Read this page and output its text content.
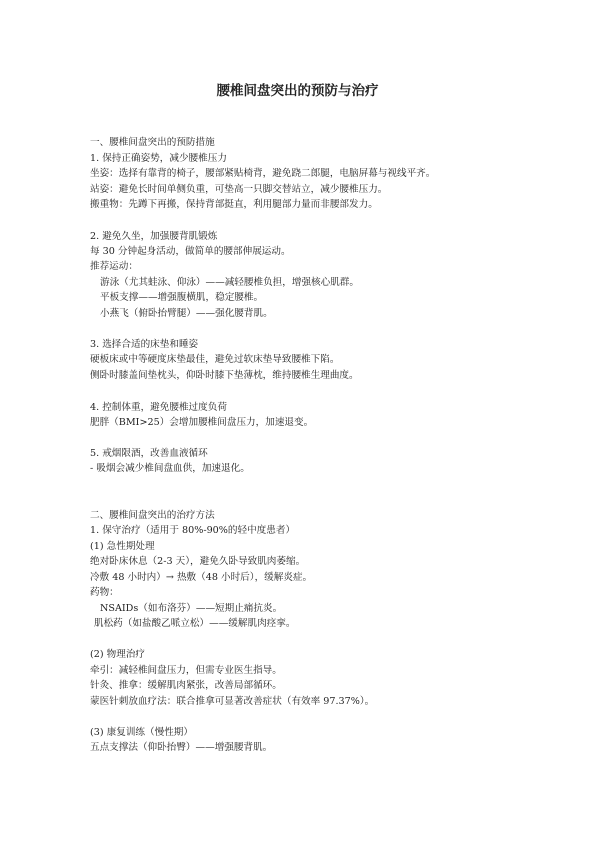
腰椎间盘突出的预防与治疗
一、腰椎间盘突出的预防措施
1. 保持正确姿势，减少腰椎压力
坐姿：选择有靠背的椅子，腰部紧贴椅背，避免跷二郎腿，电脑屏幕与视线平齐。
站姿：避免长时间单侧负重，可垫高一只脚交替站立，减少腰椎压力。
搬重物：先蹲下再搬，保持背部挺直，利用腿部力量而非腰部发力。
2. 避免久坐，加强腰背肌锻炼
每 30 分钟起身活动，做简单的腰部伸展运动。
推荐运动：
游泳（尤其蛙泳、仰泳）——减轻腰椎负担，增强核心肌群。
平板支撑——增强腹横肌，稳定腰椎。
小燕飞（俯卧抬臂腿）——强化腰背肌。
3. 选择合适的床垫和睡姿
硬板床或中等硬度床垫最佳，避免过软床垫导致腰椎下陷。
侧卧时膝盖间垫枕头，仰卧时膝下垫薄枕，维持腰椎生理曲度。
4. 控制体重，避免腰椎过度负荷
肥胖（BMI>25）会增加腰椎间盘压力，加速退变。
5. 戒烟限酒，改善血液循环
- 吸烟会减少椎间盘血供，加速退化。
二、腰椎间盘突出的治疗方法
1. 保守治疗（适用于 80%-90%的轻中度患者）
(1) 急性期处理
绝对卧床休息（2-3 天），避免久卧导致肌肉萎缩。
冷敷 48 小时内）→ 热敷（48 小时后），缓解炎症。
药物：
NSAIDs（如布洛芬）——短期止痛抗炎。
肌松药（如盐酸乙哌立松）——缓解肌肉痉挛。
(2) 物理治疗
牵引：减轻椎间盘压力，但需专业医生指导。
针灸、推拿：缓解肌肉紧张，改善局部循环。
蒙医针刺放血疗法：联合推拿可显著改善症状（有效率 97.37%）。
(3) 康复训练（慢性期）
五点支撑法（仰卧抬臀）——增强腰背肌。
